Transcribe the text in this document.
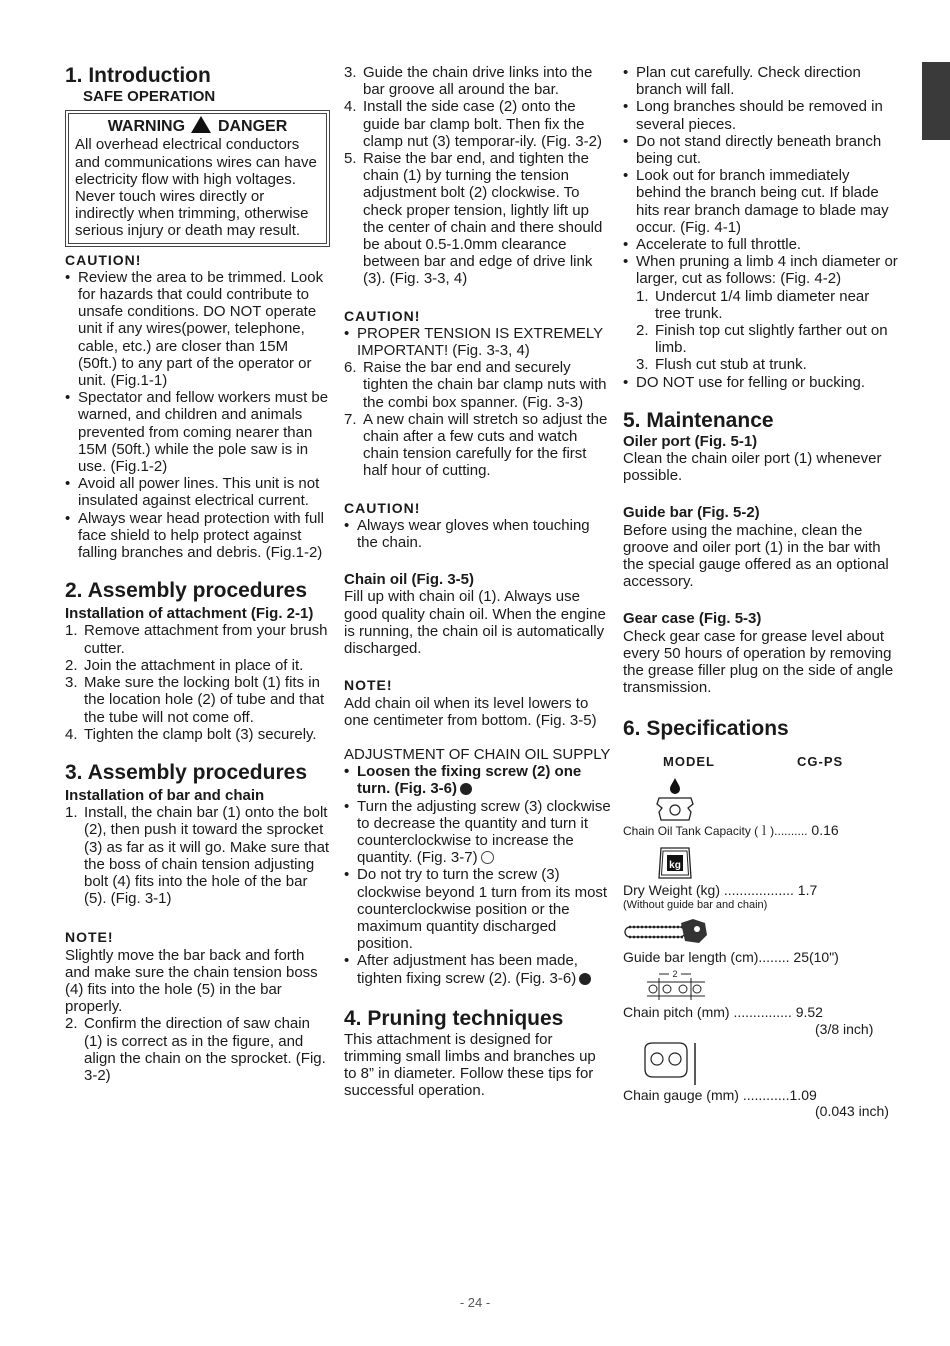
1. Introduction
SAFE OPERATION
WARNING DANGER

All overhead electrical conductors and communications wires can have electricity flow with high voltages. Never touch wires directly or indirectly when trimming, otherwise serious injury or death may result.

CAUTION!
• Review the area to be trimmed. Look for hazards that could contribute to unsafe conditions. DO NOT operate unit if any wires(power, telephone, cable, etc.) are closer than 15M (50ft.) to any part of the operator or unit. (Fig.1-1)
• Spectator and fellow workers must be warned, and children and animals prevented from coming nearer than 15M (50ft.) while the pole saw is in use. (Fig.1-2)
• Avoid all power lines. This unit is not insulated against electrical current.
• Always wear head protection with full face shield to help protect against falling branches and debris. (Fig.1-2)
2. Assembly procedures
Installation of attachment (Fig. 2-1)
1. Remove attachment from your brush cutter.
2. Join the attachment in place of it.
3. Make sure the locking bolt (1) fits in the location hole (2) of tube and that the tube will not come off.
4. Tighten the clamp bolt (3) securely.
3. Assembly procedures
Installation of bar and chain
1. Install, the chain bar (1) onto the bolt (2), then push it toward the sprocket (3) as far as it will go. Make sure that the boss of chain tension adjusting bolt (4) fits into the hole of the bar (5). (Fig. 3-1)
NOTE!

Slightly move the bar back and forth and make sure the chain tension boss (4) fits into the hole (5) in the bar properly.

2. Confirm the direction of saw chain (1) is correct as in the figure, and align the chain on the sprocket. (Fig. 3-2)
3. Guide the chain drive links into the bar groove all around the bar.
4. Install the side case (2) onto the guide bar clamp bolt. Then fix the clamp nut (3) temporar-ily. (Fig. 3-2)
5. Raise the bar end, and tighten the chain (1) by turning the tension adjustment bolt (2) clockwise. To check proper tension, lightly lift up the center of chain and there should be about 0.5-1.0mm clearance between bar and edge of drive link (3). (Fig. 3-3, 4)
CAUTION!
• PROPER TENSION IS EXTREMELY IMPORTANT! (Fig. 3-3, 4)
6. Raise the bar end and securely tighten the chain bar clamp nuts with the combi box spanner. (Fig. 3-3)
7. A new chain will stretch so adjust the chain after a few cuts and watch chain tension carefully for the first half hour of cutting.
CAUTION!
• Always wear gloves when touching the chain.
Chain oil (Fig. 3-5)

Fill up with chain oil (1). Always use good quality chain oil. When the engine is running, the chain oil is automatically discharged.

NOTE!

Add chain oil when its level lowers to one centimeter from bottom. (Fig. 3-5)

ADJUSTMENT OF CHAIN OIL SUPPLY

• Loosen the fixing screw (2) one turn. (Fig. 3-6)
• Turn the adjusting screw (3) clockwise to decrease the quantity and turn it counterclockwise to increase the quantity. (Fig. 3-7)
• Do not try to turn the screw (3) clockwise beyond 1 turn from its most counterclockwise position or the maximum quantity discharged position.
• After adjustment has been made, tighten fixing screw (2). (Fig. 3-6)
4. Pruning techniques

This attachment is designed for trimming small limbs and branches up to 8” in diameter. Follow these tips for successful operation.

• Plan cut carefully. Check direction branch will fall.
• Long branches should be removed in several pieces.
• Do not stand directly beneath branch being cut.
• Look out for branch immediately behind the branch being cut. If blade hits rear branch damage to blade may occur. (Fig. 4-1)
• Accelerate to full throttle.
• When pruning a limb 4 inch diameter or larger, cut as follows: (Fig. 4-2)
1. Undercut 1/4 limb diameter near tree trunk.
2. Finish top cut slightly farther out on limb.
3. Flush cut stub at trunk.
• DO NOT use for felling or bucking.
5. Maintenance
Oiler port (Fig. 5-1)

Clean the chain oiler port (1) whenever possible.

Guide bar (Fig. 5-2)

Before using the machine, clean the groove and oiler port (1) in the bar with the special gauge offered as an optional accessory.

Gear case (Fig. 5-3)

Check gear case for grease level about every 50 hours of operation by removing the grease filler plug on the side of angle transmission.

6. Specifications
MODEL	CG-PS
Chain Oil Tank Capacity (ｌ).......... 0.16
kg
Dry Weight (kg) .................. 1.7
(Without guide bar and chain)
Guide bar length (cm)........ 25(10")
2
Chain pitch (mm) ............... 9.52
(3/8 inch)
Chain gauge (mm) ............1.09
(0.043 inch)
- 24 -
